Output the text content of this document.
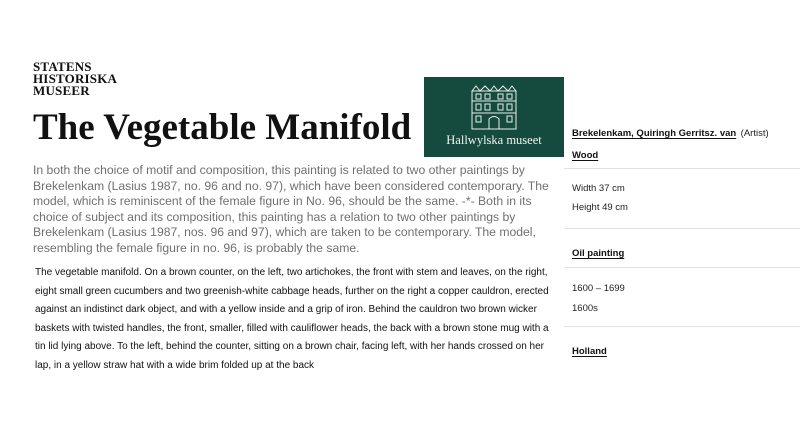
STATENS
HISTORISKA
MUSEER
The Vegetable Manifold	Hallwylska museet

In both the choice of motif and composition, this painting is related to two other paintings by Brekelenkam (Lasius 1987, no. 96 and no. 97), which have been considered contemporary. The model, which is reminiscent of the female figure in No. 96, should be the same. -*- Both in its choice of subject and its composition, this painting has a relation to two other paintings by Brekelenkam (Lasius 1987, nos. 96 and 97), which are taken to be contemporary. The model, resembling the female figure in no. 96, is probably the same.

The vegetable manifold. On a brown counter, on the left, two artichokes, the front with stem and leaves, on the right, eight small green cucumbers and two greenish-white cabbage heads, further on the right a copper cauldron, erected against an indistinct dark object, and with a yellow inside and a grip of iron. Behind the cauldron two brown wicker baskets with twisted handles, the front, smaller, filled with cauliflower heads, the back with a brown stone mug with a tin lid lying above. To the left, behind the counter, sitting on a brown chair, facing left, with her hands crossed on her lap, in a yellow straw hat with a wide brim folded up at the back

Brekelenkam, Quiringh Gerritsz. van (Artist)
Wood
Width 37 cm
Height 49 cm
Oil painting
1600 – 1699
1600s
Holland
